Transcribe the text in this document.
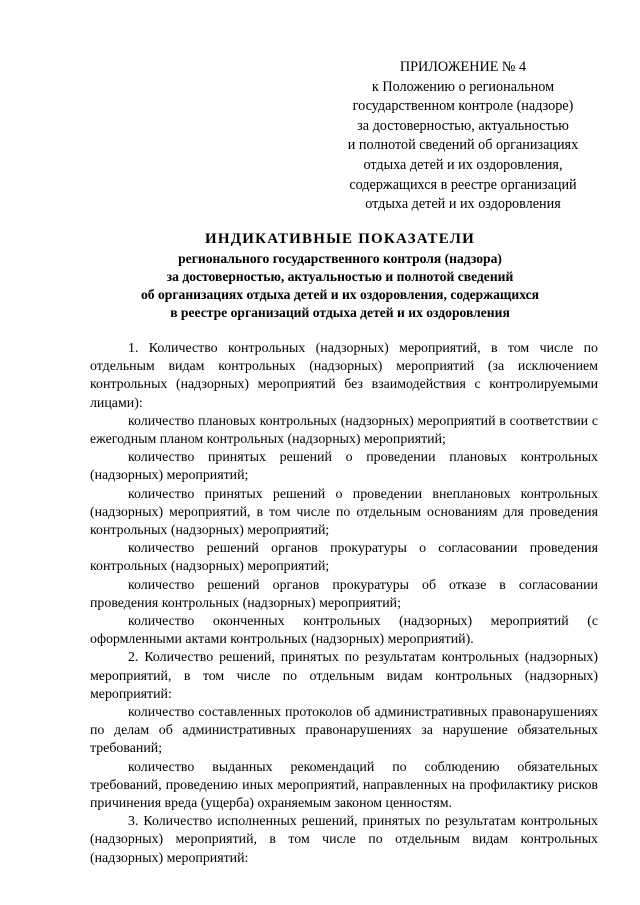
ПРИЛОЖЕНИЕ № 4
к Положению о региональном
государственном контроле (надзоре)
за достоверностью, актуальностью
и полнотой сведений об организациях
отдыха детей и их оздоровления,
содержащихся в реестре организаций
отдыха детей и их оздоровления
ИНДИКАТИВНЫЕ ПОКАЗАТЕЛИ
регионального государственного контроля (надзора)
за достоверностью, актуальностью и полнотой сведений
об организациях отдыха детей и их оздоровления, содержащихся
в реестре организаций отдыха детей и их оздоровления

1. Количество контрольных (надзорных) мероприятий, в том числе по отдельным видам контрольных (надзорных) мероприятий (за исключением контрольных (надзорных) мероприятий без взаимодействия с контролируемыми лицами):

количество плановых контрольных (надзорных) мероприятий в соответствии с ежегодным планом контрольных (надзорных) мероприятий;

количество принятых решений о проведении плановых контрольных (надзорных) мероприятий;

количество принятых решений о проведении внеплановых контрольных (надзорных) мероприятий, в том числе по отдельным основаниям для проведения контрольных (надзорных) мероприятий;

количество решений органов прокуратуры о согласовании проведения контрольных (надзорных) мероприятий;

количество решений органов прокуратуры об отказе в согласовании проведения контрольных (надзорных) мероприятий;

количество оконченных контрольных (надзорных) мероприятий (с оформленными актами контрольных (надзорных) мероприятий).

2. Количество решений, принятых по результатам контрольных (надзорных) мероприятий, в том числе по отдельным видам контрольных (надзорных) мероприятий:

количество составленных протоколов об административных правонарушениях по делам об административных правонарушениях за нарушение обязательных требований;

количество выданных рекомендаций по соблюдению обязательных требований, проведению иных мероприятий, направленных на профилактику рисков причинения вреда (ущерба) охраняемым законом ценностям.

3. Количество исполненных решений, принятых по результатам контрольных (надзорных) мероприятий, в том числе по отдельным видам контрольных (надзорных) мероприятий:
